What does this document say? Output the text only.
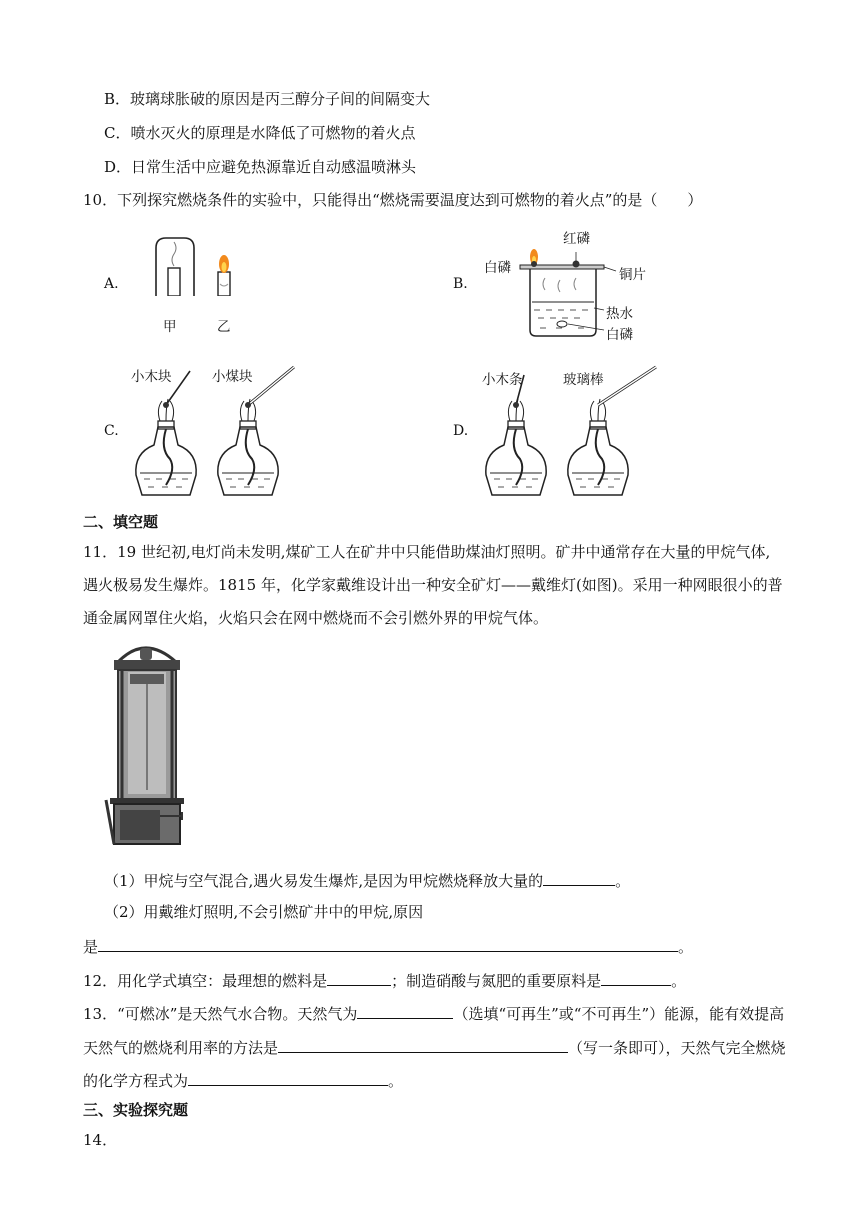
B．玻璃球胀破的原因是丙三醇分子间的间隔变大
C．喷水灭火的原理是水降低了可燃物的着火点
D．日常生活中应避免热源靠近自动感温喷淋头
10．下列探究燃烧条件的实验中，只能得出“燃烧需要温度达到可燃物的着火点”的是（　　）
A.
甲	乙
B.
红磷
白磷	铜片
热水
白磷
C.
小木块	小煤块
D.
小木条	玻璃棒
二、填空题
11．19 世纪初,电灯尚未发明,煤矿工人在矿井中只能借助煤油灯照明。矿井中通常存在大量的甲烷气体,
遇火极易发生爆炸。1815 年，化学家戴维设计出一种安全矿灯——戴维灯(如图)。采用一种网眼很小的普
通金属网罩住火焰，火焰只会在网中燃烧而不会引燃外界的甲烷气体。
（1）甲烷与空气混合,遇火易发生爆炸,是因为甲烷燃烧释放大量的	。
（2）用戴维灯照明,不会引燃矿井中的甲烷,原因
是	。
12．用化学式填空：最理想的燃料是	；制造硝酸与氮肥的重要原料是	。
13．“可燃冰”是天然气水合物。天然气为	（选填“可再生”或“不可再生”）能源，能有效提高
天然气的燃烧利用率的方法是	（写一条即可），天然气完全燃烧
的化学方程式为	。
三、实验探究题
14．
